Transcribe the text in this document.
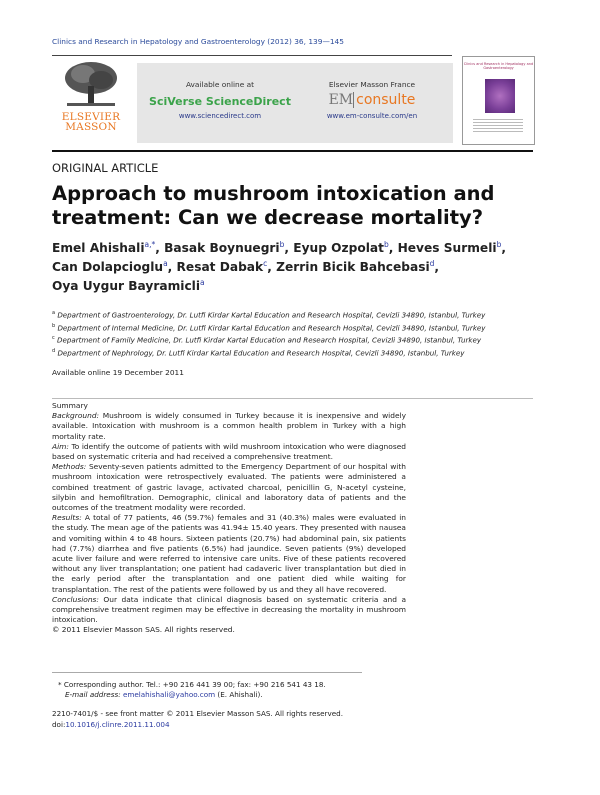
Clinics and Research in Hepatology and Gastroenterology (2012) 36, 139—145
ELSEVIER
MASSON
Available online at
SciVerse ScienceDirect
www.sciencedirect.com
Elsevier Masson France
EM consulte
www.em-consulte.com/en
Clinics and Research in Hepatology and Gastroenterology
ORIGINAL ARTICLE
Approach to mushroom intoxication and treatment: Can we decrease mortality?
Emel Ahishali$^{a,*}$, Basak Boynuegri$^b$, Eyup Ozpolat$^b$, Heves Surmeli$^b$,
Can Dolapcioglu$^a$, Resat Dabak$^c$, Zerrin Bicik Bahcebasi$^d$,
Oya Uygur Bayramicli$^a$
$^a$ Department of Gastroenterology, Dr. Lutfi Kirdar Kartal Education and Research Hospital, Cevizli 34890, Istanbul, Turkey
$^b$ Department of Internal Medicine, Dr. Lutfi Kirdar Kartal Education and Research Hospital, Cevizli 34890, Istanbul, Turkey
$^c$ Department of Family Medicine, Dr. Lutfi Kirdar Kartal Education and Research Hospital, Cevizli 34890, Istanbul, Turkey
$^d$ Department of Nephrology, Dr. Lutfi Kirdar Kartal Education and Research Hospital, Cevizli 34890, Istanbul, Turkey
Available online 19 December 2011

Summary

Background: Mushroom is widely consumed in Turkey because it is inexpensive and widely available. Intoxication with mushroom is a common health problem in Turkey with a high mortality rate.

Aim: To identify the outcome of patients with wild mushroom intoxication who were diagnosed based on systematic criteria and had received a comprehensive treatment.

Methods: Seventy-seven patients admitted to the Emergency Department of our hospital with mushroom intoxication were retrospectively evaluated. The patients were administered a combined treatment of gastric lavage, activated charcoal, penicillin G, N-acetyl cysteine, silybin and hemofiltration. Demographic, clinical and laboratory data of patients and the outcomes of the treatment modality were recorded.

Results: A total of 77 patients, 46 (59.7%) females and 31 (40.3%) males were evaluated in the study. The mean age of the patients was 41.94± 15.40 years. They presented with nausea and vomiting within 4 to 48 hours. Sixteen patients (20.7%) had abdominal pain, six patients had (7.7%) diarrhea and five patients (6.5%) had jaundice. Seven patients (9%) developed acute liver failure and were referred to intensive care units. Five of these patients recovered without any liver transplantation; one patient had cadaveric liver transplantation but died in the early period after the transplantation and one patient died while waiting for transplantation. The rest of the patients were followed by us and they all have recovered.

Conclusions: Our data indicate that clinical diagnosis based on systematic criteria and a comprehensive treatment regimen may be effective in decreasing the mortality in mushroom intoxication.

© 2011 Elsevier Masson SAS. All rights reserved.

* Corresponding author. Tel.: +90 216 441 39 00; fax: +90 216 541 43 18.
E-mail address: emelahishali@yahoo.com (E. Ahishali).
2210-7401/$ - see front matter © 2011 Elsevier Masson SAS. All rights reserved.
doi:10.1016/j.clinre.2011.11.004
